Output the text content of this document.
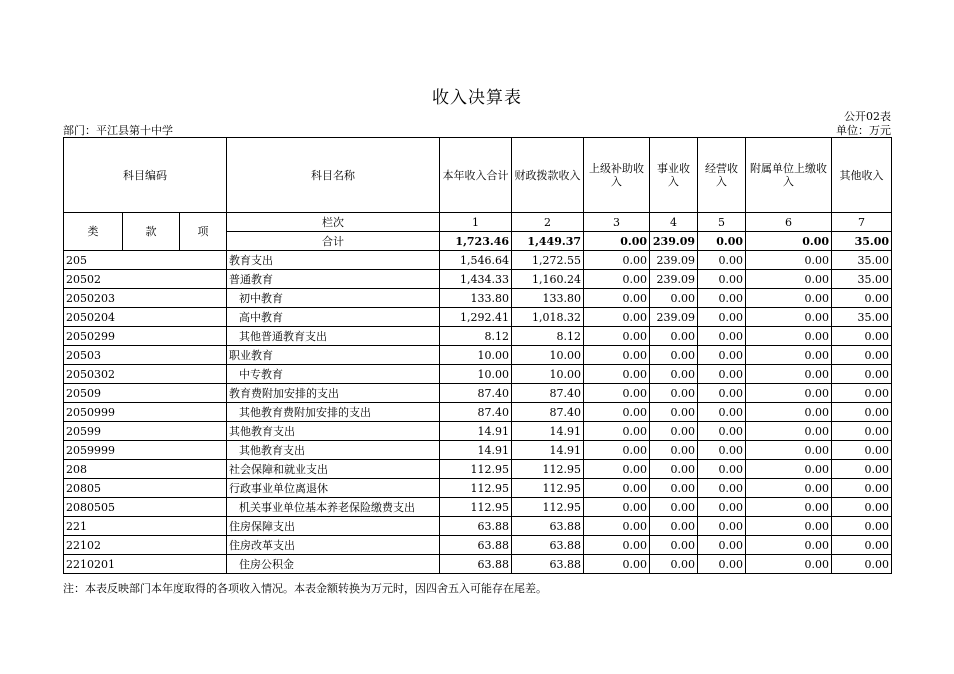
收入决算表
公开02表
部门：平江县第十中学	单位：万元
科目编码			科目名称	本年收入合计	财政拨款收入	上级补助收入	事业收入	经营收入	附属单位上缴收入	其他收入
类	款	项	栏次	1	2	3	4	5	6	7
			合计	1,723.46	1,449.37	0.00	239.09	0.00	0.00	35.00
205			教育支出	1,546.64	1,272.55	0.00	239.09	0.00	0.00	35.00
20502			普通教育	1,434.33	1,160.24	0.00	239.09	0.00	0.00	35.00
2050203			初中教育	133.80	133.80	0.00	0.00	0.00	0.00	0.00
2050204			高中教育	1,292.41	1,018.32	0.00	239.09	0.00	0.00	35.00
2050299			其他普通教育支出	8.12	8.12	0.00	0.00	0.00	0.00	0.00
20503			职业教育	10.00	10.00	0.00	0.00	0.00	0.00	0.00
2050302			中专教育	10.00	10.00	0.00	0.00	0.00	0.00	0.00
20509			教育费附加安排的支出	87.40	87.40	0.00	0.00	0.00	0.00	0.00
2050999			其他教育费附加安排的支出	87.40	87.40	0.00	0.00	0.00	0.00	0.00
20599			其他教育支出	14.91	14.91	0.00	0.00	0.00	0.00	0.00
2059999			其他教育支出	14.91	14.91	0.00	0.00	0.00	0.00	0.00
208			社会保障和就业支出	112.95	112.95	0.00	0.00	0.00	0.00	0.00
20805			行政事业单位离退休	112.95	112.95	0.00	0.00	0.00	0.00	0.00
2080505			机关事业单位基本养老保险缴费支出	112.95	112.95	0.00	0.00	0.00	0.00	0.00
221			住房保障支出	63.88	63.88	0.00	0.00	0.00	0.00	0.00
22102			住房改革支出	63.88	63.88	0.00	0.00	0.00	0.00	0.00
2210201			住房公积金	63.88	63.88	0.00	0.00	0.00	0.00	0.00
注：本表反映部门本年度取得的各项收入情况。本表金额转换为万元时，因四舍五入可能存在尾差。
